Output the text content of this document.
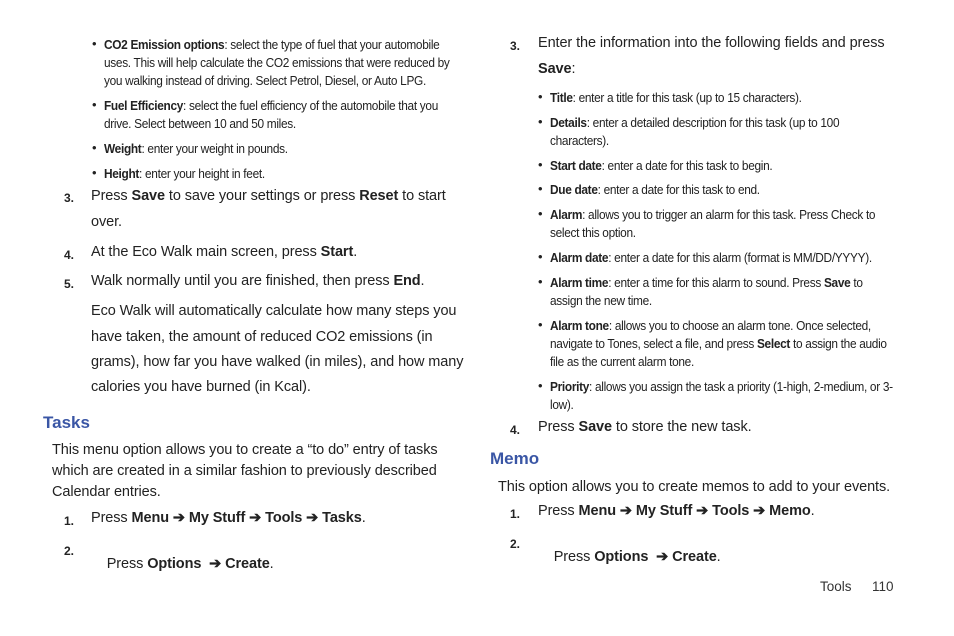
• CO2 Emission options: select the type of fuel that your automobile uses. This will help calculate the CO2 emissions that were reduced by you walking instead of driving. Select Petrol, Diesel, or Auto LPG.
• Fuel Efficiency: select the fuel efficiency of the automobile that you drive. Select between 10 and 50 miles.
• Weight: enter your weight in pounds.
• Height: enter your height in feet.
3. Press Save to save your settings or press Reset to start
over.
4. At the Eco Walk main screen, press Start.
5. Walk normally until you are finished, then press End.
Eco Walk will automatically calculate how many steps you
have taken, the amount of reduced CO2 emissions (in
grams), how far you have walked (in miles), and how many
calories you have burned (in Kcal).
Tasks
This menu option allows you to create a “to do” entry of tasks
which are created in a similar fashion to previously described
Calendar entries.
1. Press Menu ➔ My Stuff ➔ Tools ➔ Tasks.
2.

Press Options  ➔ Create.

3. Enter the information into the following fields and press
Save:
• Title: enter a title for this task (up to 15 characters).
• Details: enter a detailed description for this task (up to 100 characters).
• Start date: enter a date for this task to begin.
• Due date: enter a date for this task to end.
• Alarm: allows you to trigger an alarm for this task. Press Check to select this option.
• Alarm date: enter a date for this alarm (format is MM/DD/YYYY).
• Alarm time: enter a time for this alarm to sound. Press Save to assign the new time.
• Alarm tone: allows you to choose an alarm tone. Once selected, navigate to Tones, select a file, and press Select to assign the audio file as the current alarm tone.
• Priority: allows you assign the task a priority (1-high, 2-medium, or 3-low).
4. Press Save to store the new task.
Memo
This option allows you to create memos to add to your events.
1. Press Menu ➔ My Stuff ➔ Tools ➔ Memo.
2.

Press Options  ➔ Create.

Tools 110
